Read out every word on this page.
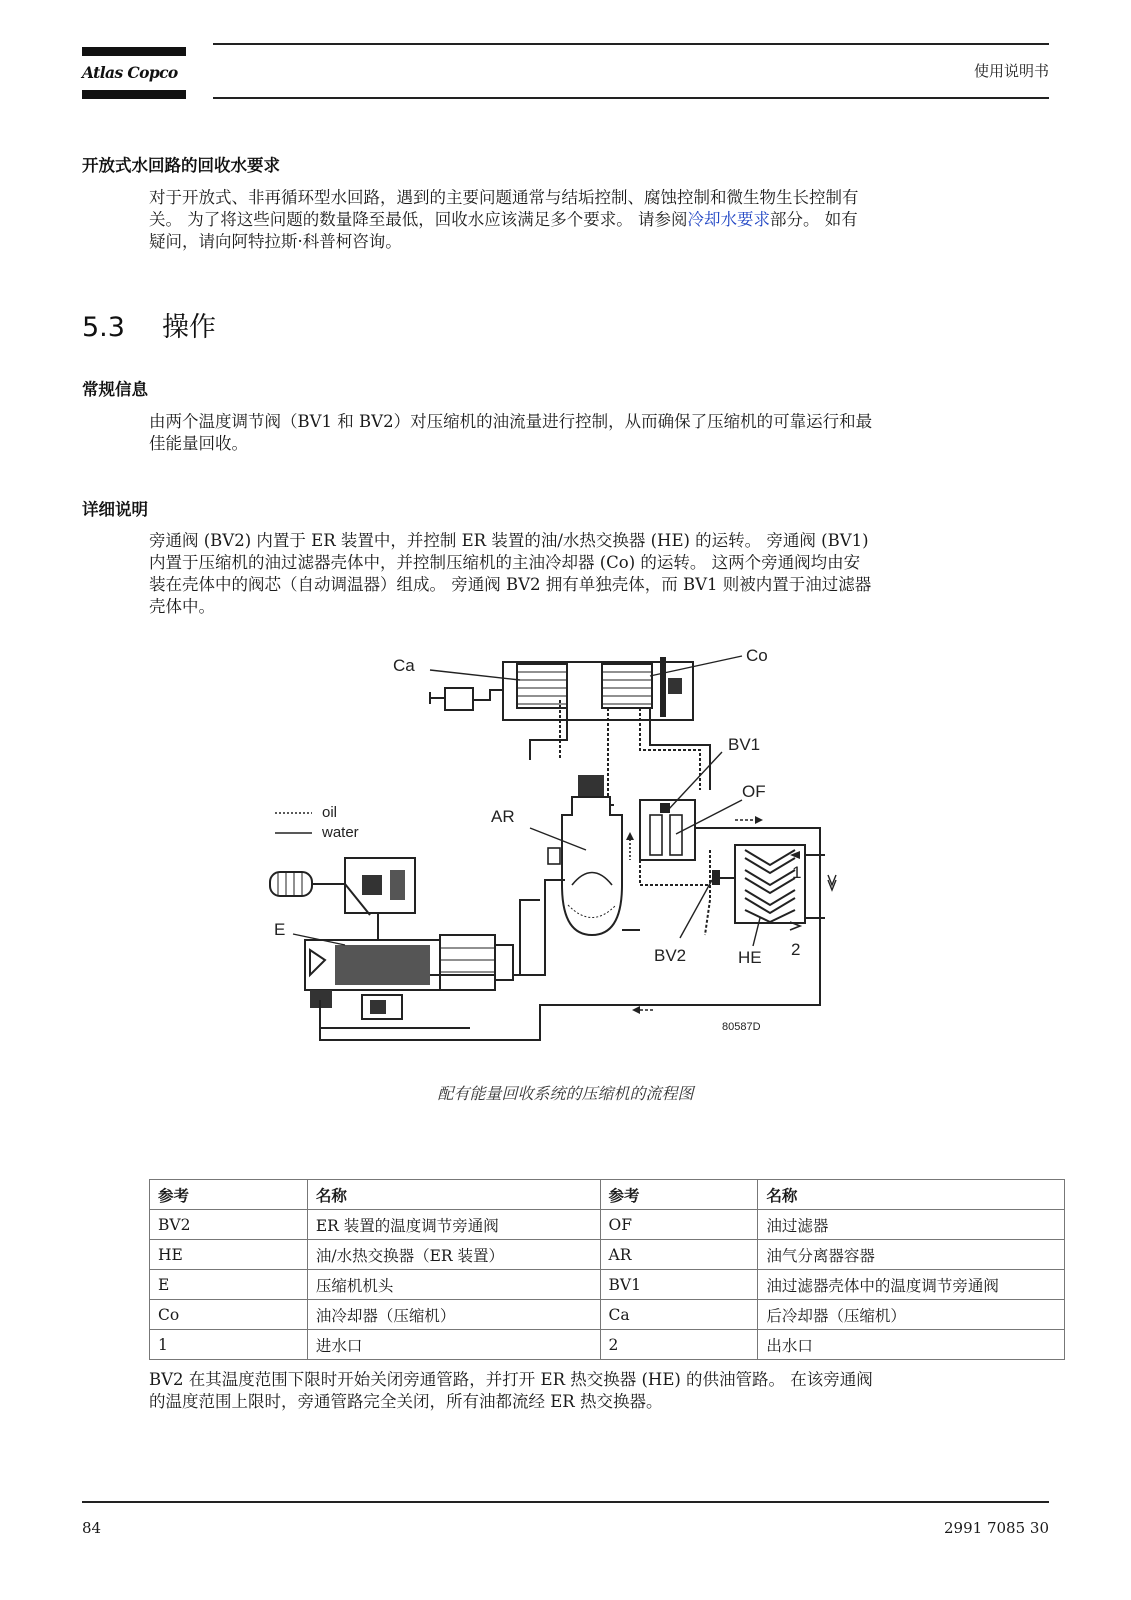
Atlas Copco	使用说明书
开放式水回路的回收水要求
对于开放式、非再循环型水回路，遇到的主要问题通常与结垢控制、腐蚀控制和微生物生长控制有
关。 为了将这些问题的数量降至最低，回收水应该满足多个要求。 请参阅冷却水要求部分。 如有
疑问，请向阿特拉斯·科普柯咨询。
5.3 操作
常规信息
由两个温度调节阀（BV1 和 BV2）对压缩机的油流量进行控制，从而确保了压缩机的可靠运行和最
佳能量回收。
详细说明
旁通阀 (BV2) 内置于 ER 装置中，并控制 ER 装置的油/水热交换器 (HE) 的运转。 旁通阀 (BV1)
内置于压缩机的油过滤器壳体中，并控制压缩机的主油冷却器 (Co) 的运转。 这两个旁通阀均由安
装在壳体中的阀芯（自动调温器）组成。 旁通阀 BV2 拥有单独壳体，而 BV1 则被内置于油过滤器
壳体中。
oil
water
Ca
Co
BV1
OF
AR
E
BV2	HE
1
2
80587D
配有能量回收系统的压缩机的流程图
参考	名称	参考	名称
BV2	ER 装置的温度调节旁通阀	OF	油过滤器
HE	油/水热交换器（ER 装置）	AR	油气分离器容器
E	压缩机机头	BV1	油过滤器壳体中的温度调节旁通阀
Co	油冷却器（压缩机）	Ca	后冷却器（压缩机）
1	进水口	2	出水口
BV2 在其温度范围下限时开始关闭旁通管路，并打开 ER 热交换器 (HE) 的供油管路。 在该旁通阀
的温度范围上限时，旁通管路完全关闭，所有油都流经 ER 热交换器。
84	2991 7085 30
